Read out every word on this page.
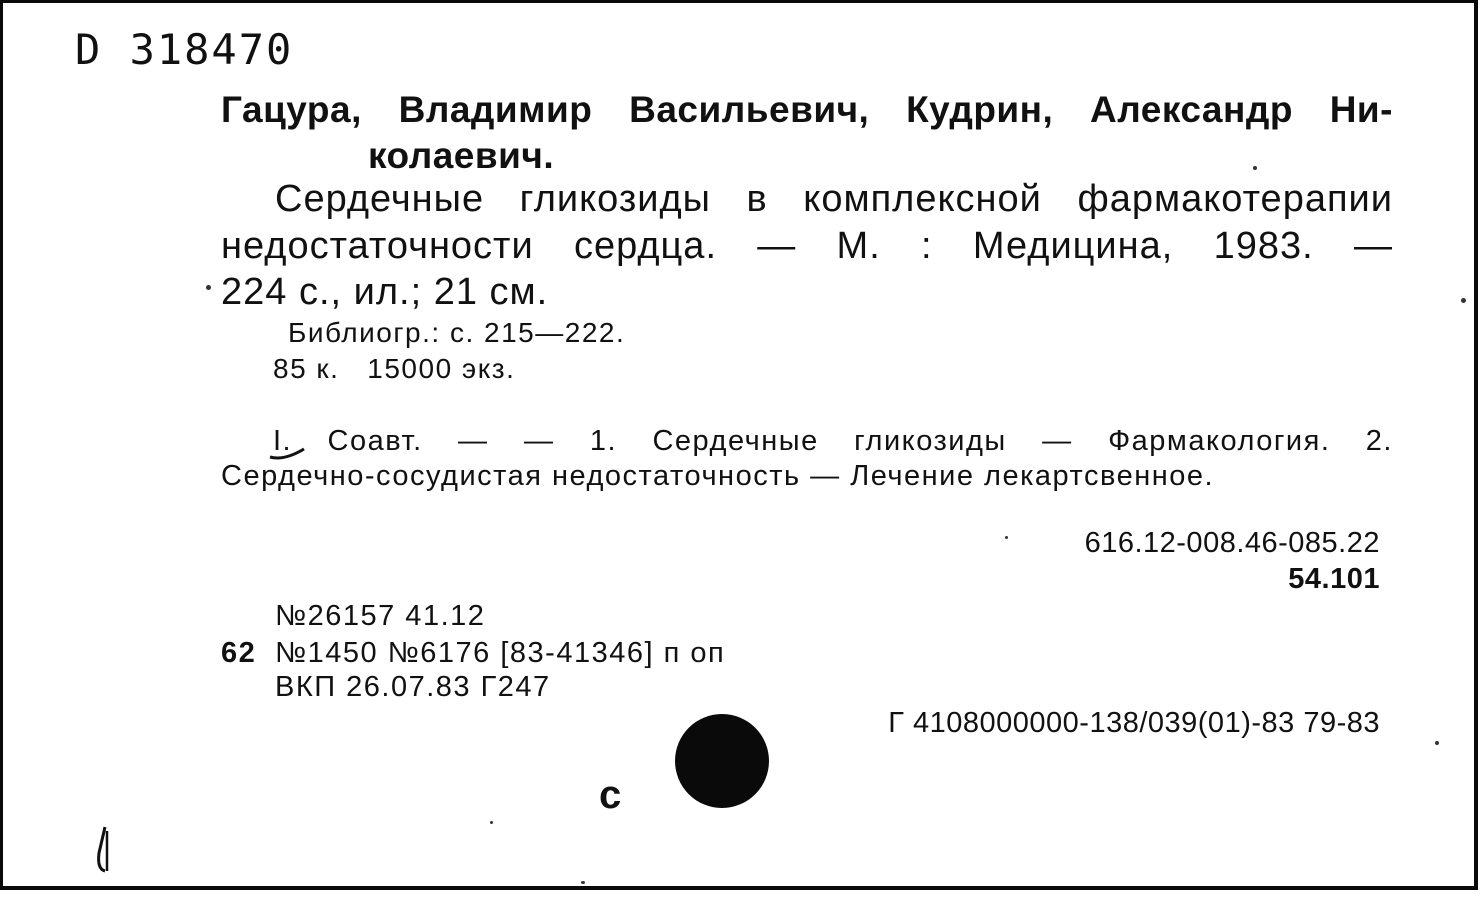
D 318470
Гацура, Владимир Васильевич, Кудрин, Александр Ни-
колаевич.
Сердечные гликозиды в комплексной фармакотерапии
недостаточности сердца. — М. : Медицина, 1983. —
224 с., ил.; 21 см.
Библиогр.: с. 215—222.
85 к.   15000 экз.
I. Соавт. — — 1. Сердечные гликозиды — Фармакология. 2.
Сердечно-сосудистая недостаточность — Лечение лекартсвенное.
616.12-008.46-085.22
54.101
№26157 41.12
62 №1450 №6176 [83-41346] п оп
ВКП 26.07.83 Г247
Г 4108000000-138/039(01)-83 79-83
c
